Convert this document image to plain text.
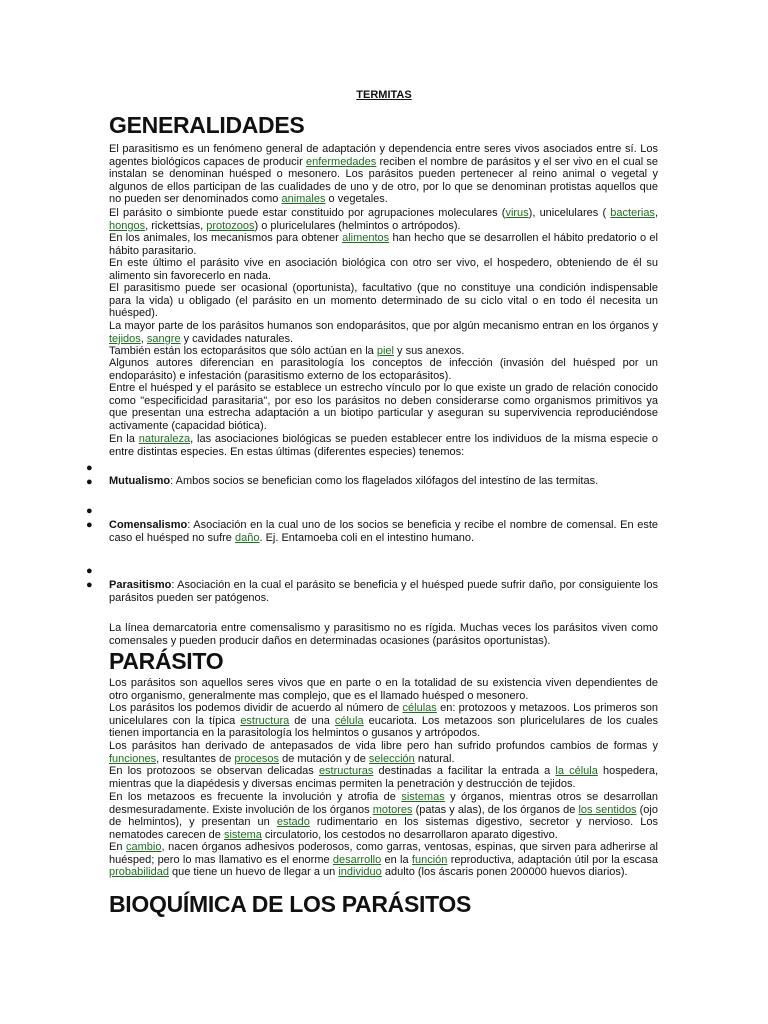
TERMITAS
GENERALIDADES

El parasitismo es un fenómeno general de adaptación y dependencia entre seres vivos asociados entre sí. Los agentes biológicos capaces de producir enfermedades reciben el nombre de parásitos y el ser vivo en el cual se instalan se denominan huésped o mesonero. Los parásitos pueden pertenecer al reino animal o vegetal y algunos de ellos participan de las cualidades de uno y de otro, por lo que se denominan protistas aquellos que no pueden ser denominados como animales o vegetales.

El parásito o simbionte puede estar constituido por agrupaciones moleculares (virus), unicelulares ( bacterias, hongos, rickettsias, protozoos) o pluricelulares (helmintos o artrópodos).

En los animales, los mecanismos para obtener alimentos han hecho que se desarrollen el hábito predatorio o el hábito parasitario.

En este último el parásito vive en asociación biológica con otro ser vivo, el hospedero, obteniendo de él su alimento sin favorecerlo en nada.

El parasitismo puede ser ocasional (oportunista), facultativo (que no constituye una condición indispensable para la vida) u obligado (el parásito en un momento determinado de su ciclo vital o en todo él necesita un huésped).

La mayor parte de los parásitos humanos son endoparásitos, que por algún mecanismo entran en los órganos y tejidos, sangre y cavidades naturales.

También están los ectoparásitos que sólo actúan en la piel y sus anexos.

Algunos autores diferencian en parasitología los conceptos de infección (invasión del huésped por un endoparásito) e infestación (parasitismo externo de los ectoparásitos).

Entre el huésped y el parásito se establece un estrecho vínculo por lo que existe un grado de relación conocido como "especificidad parasitaria", por eso los parásitos no deben considerarse como organismos primitivos ya que presentan una estrecha adaptación a un biotipo particular y aseguran su supervivencia reproduciéndose activamente (capacidad biótica).

En la naturaleza, las asociaciones biológicas se pueden establecer entre los individuos de la misma especie o entre distintas especies. En estas últimas (diferentes especies) tenemos:

●
● Mutualismo: Ambos socios se benefician como los flagelados xilófagos del intestino de las termitas.

●
● Comensalismo: Asociación en la cual uno de los socios se beneficia y recibe el nombre de comensal. En este caso el huésped no sufre daño. Ej. Entamoeba coli en el intestino humano.

●
● Parasitismo: Asociación en la cual el parásito se beneficia y el huésped puede sufrir daño, por consiguiente los parásitos pueden ser patógenos.

La línea demarcatoria entre comensalismo y parasitismo no es rígida. Muchas veces los parásitos viven como comensales y pueden producir daños en determinadas ocasiones (parásitos oportunistas).

PARÁSITO

Los parásitos son aquellos seres vivos que en parte o en la totalidad de su existencia viven dependientes de otro organismo, generalmente mas complejo, que es el llamado huésped o mesonero.

Los parásitos los podemos dividir de acuerdo al número de células en: protozoos y metazoos. Los primeros son unicelulares con la típica estructura de una célula eucariota. Los metazoos son pluricelulares de los cuales tienen importancia en la parasitología los helmintos o gusanos y artrópodos.

Los parásitos han derivado de antepasados de vida libre pero han sufrido profundos cambios de formas y funciones, resultantes de procesos de mutación y de selección natural.

En los protozoos se observan delicadas estructuras destinadas a facilitar la entrada a la célula hospedera, mientras que la diapédesis y diversas encimas permiten la penetración y destrucción de tejidos.

En los metazoos es frecuente la involución y atrofia de sistemas y órganos, mientras otros se desarrollan desmesuradamente. Existe involución de los órganos motores (patas y alas), de los órganos de los sentidos (ojo de helmintos), y presentan un estado rudimentario en los sistemas digestivo, secretor y nervioso. Los nematodes carecen de sistema circulatorio, los cestodos no desarrollaron aparato digestivo.

En cambio, nacen órganos adhesivos poderosos, como garras, ventosas, espinas, que sirven para adherirse al huésped; pero lo mas llamativo es el enorme desarrollo en la función reproductiva, adaptación útil por la escasa probabilidad que tiene un huevo de llegar a un individuo adulto (los áscaris ponen 200000 huevos diarios).

BIOQUÍMICA DE LOS PARÁSITOS
